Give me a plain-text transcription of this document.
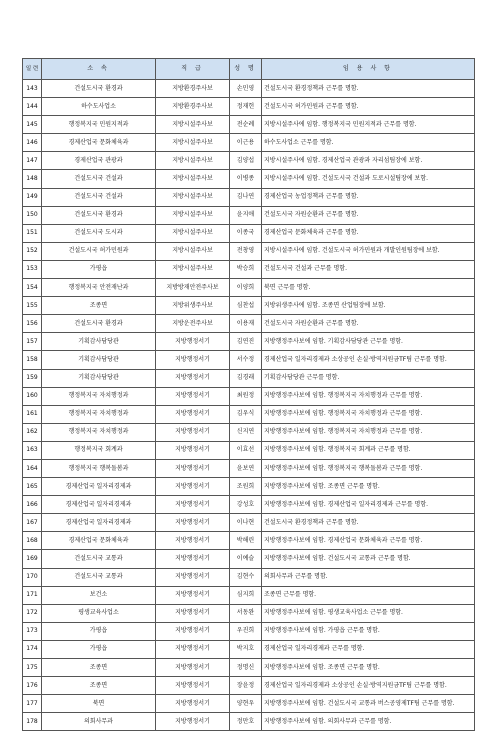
일 련	소 속	직 급	성 명	임 용 사 항
143	건설도시국 환경과	지방환경주사보	손민영	건설도시국 환경정책과 근무를 명함.
144	하수도사업소	지방환경주사보	정재헌	건설도시국 허가민원과 근무를 명함.
145	행정복지국 민원지적과	지방시설주사보	전순례	지방시설주사에 임함. 행정복지국 민원지적과 근무를 명함.
146	경제산업국 문화체육과	지방시설주사보	이근용	하수도사업소 근무를 명함.
147	경제산업국 관광과	지방시설주사보	김양섭	지방시설주사에 임함. 경제산업국 관광과 자리섬팀장에 보함.
148	건설도시국 건설과	지방시설주사보	이병종	지방시설주사에 임함. 건설도시국 건설과 도로시설팀장에 보함.
149	건설도시국 건설과	지방시설주사보	김나연	경제산업국 농업정책과 근무를 명함.
150	건설도시국 환경과	지방시설주사보	윤지애	건설도시국 자원순환과 근무를 명함.
151	건설도시국 도시과	지방시설주사보	이종국	경제산업국 문화체육과 근무를 명함.
152	건설도시국 허가민원과	지방시설주사보	전창영	지방시설주사에 임함. 건설도시국 허가민원과 개발인원팀장에 보함.
153	가평읍	지방시설주사보	박승희	건설도시국 건설과 근무를 명함.
154	행정복지국 안전재난과	지방방재안전주사보	이양희	북면 근무를 명함.
155	조종면	지방위생주사보	심찬섭	지방위생주사에 임함. 조종면 산업팀장에 보함.
156	건설도시국 환경과	지방운전주사보	이용재	건설도시국 자원순환과 근무를 명함.
157	기획감사담당관	지방행정서기	김연진	지방행정주사보에 임함. 기획감사담당관 근무를 명함.
158	기획감사담당관	지방행정서기	서수정	경제산업국 일자리경제과 소상공인 손실·방역지원금TF팀 근무를 명함.
159	기획감사담당관	지방행정서기	김경래	기획감사담당관 근무를 명함.
160	행정복지국 자치행정과	지방행정서기	최원정	지방행정주사보에 임함. 행정복지국 자치행정과 근무를 명함.
161	행정복지국 자치행정과	지방행정서기	김우식	지방행정주사보에 임함. 행정복지국 자치행정과 근무를 명함.
162	행정복지국 자치행정과	지방행정서기	신지연	지방행정주사보에 임함. 행정복지국 자치행정과 근무를 명함.
163	행정복지국 회계과	지방행정서기	이효선	지방행정주사보에 임함. 행정복지국 회계과 근무를 명함.
164	행정복지국 행복돌봄과	지방행정서기	윤보연	지방행정주사보에 임함. 행정복지국 행복돌봄과 근무를 명함.
165	경제산업국 일자리경제과	지방행정서기	조원희	지방행정주사보에 임함. 조종면 근무를 명함.
166	경제산업국 일자리경제과	지방행정서기	강성호	지방행정주사보에 임함. 경제산업국 일자리경제과 근무를 명함.
167	경제산업국 일자리경제과	지방행정서기	이나현	건설도시국 환경정책과 근무를 명함.
168	경제산업국 문화체육과	지방행정서기	박해린	지방행정주사보에 임함. 경제산업국 문화체육과 근무를 명함.
169	건설도시국 교통과	지방행정서기	이예슬	지방행정주사보에 임함. 건설도시국 교통과 근무를 명함.
170	건설도시국 교통과	지방행정서기	김현수	의회사무과 근무를 명함.
171	보건소	지방행정서기	심지희	조종면 근무를 명함.
172	평생교육사업소	지방행정서기	서동완	지방행정주사보에 임함. 평생교육사업소 근무를 명함.
173	가평읍	지방행정서기	우진희	지방행정주사보에 임함. 가평읍 근무를 명함.
174	가평읍	지방행정서기	박지호	경제산업국 일자리경제과 근무를 명함.
175	조종면	지방행정서기	정명신	지방행정주사보에 임함. 조종면 근무를 명함.
176	조종면	지방행정서기	장윤정	경제산업국 일자리경제과 소상공인 손실·방역지원금TF팀 근무를 명함.
177	북면	지방행정서기	양현우	지방행정주사보에 임함. 건설도시국 교통과 버스공영제TF팀 근무를 명함.
178	의회사무과	지방행정서기	정만호	지방행정주사보에 임함. 의회사무과 근무를 명함.
